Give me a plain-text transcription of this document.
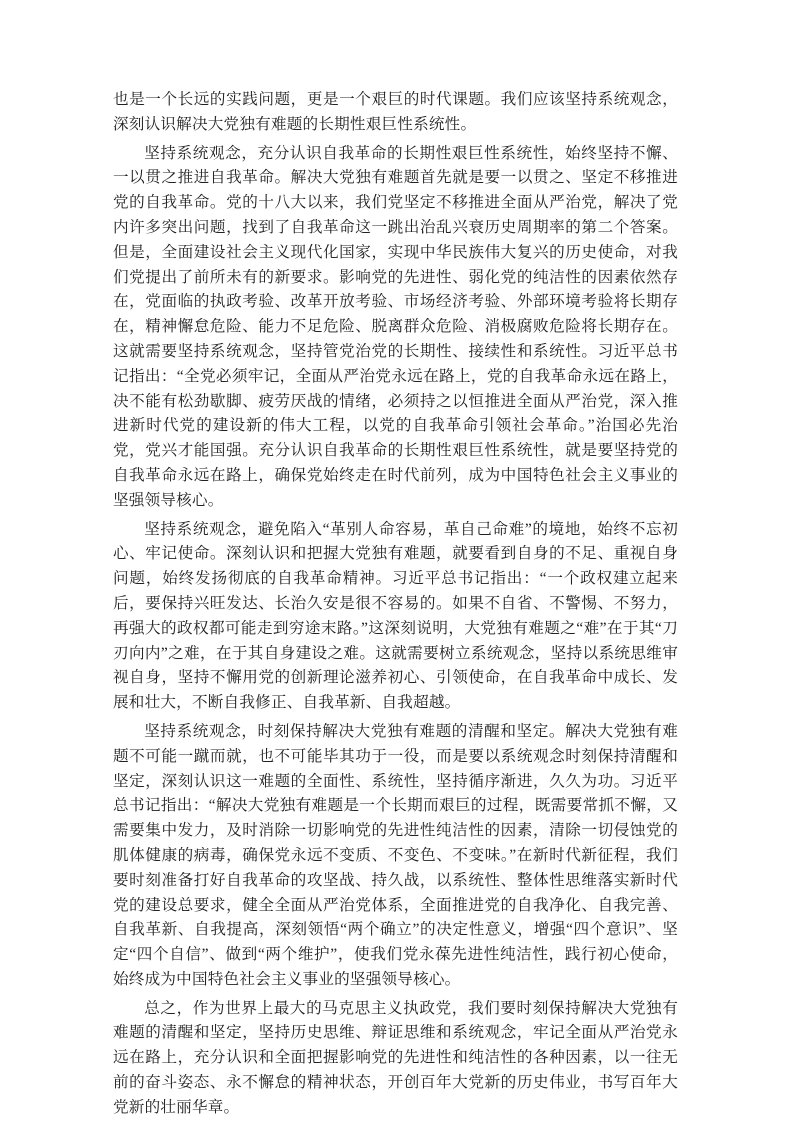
也是一个长远的实践问题，更是一个艰巨的时代课题。我们应该坚持系统观念，深刻认识解决大党独有难题的长期性艰巨性系统性。

坚持系统观念，充分认识自我革命的长期性艰巨性系统性，始终坚持不懈、一以贯之推进自我革命。解决大党独有难题首先就是要一以贯之、坚定不移推进党的自我革命。党的十八大以来，我们党坚定不移推进全面从严治党，解决了党内许多突出问题，找到了自我革命这一跳出治乱兴衰历史周期率的第二个答案。但是，全面建设社会主义现代化国家，实现中华民族伟大复兴的历史使命，对我们党提出了前所未有的新要求。影响党的先进性、弱化党的纯洁性的因素依然存在，党面临的执政考验、改革开放考验、市场经济考验、外部环境考验将长期存在，精神懈怠危险、能力不足危险、脱离群众危险、消极腐败危险将长期存在。这就需要坚持系统观念，坚持管党治党的长期性、接续性和系统性。习近平总书记指出：“全党必须牢记，全面从严治党永远在路上，党的自我革命永远在路上，决不能有松劲歇脚、疲劳厌战的情绪，必须持之以恒推进全面从严治党，深入推进新时代党的建设新的伟大工程，以党的自我革命引领社会革命。”治国必先治党，党兴才能国强。充分认识自我革命的长期性艰巨性系统性，就是要坚持党的自我革命永远在路上，确保党始终走在时代前列，成为中国特色社会主义事业的坚强领导核心。

坚持系统观念，避免陷入“革别人命容易，革自己命难”的境地，始终不忘初心、牢记使命。深刻认识和把握大党独有难题，就要看到自身的不足、重视自身问题，始终发扬彻底的自我革命精神。习近平总书记指出：“一个政权建立起来后，要保持兴旺发达、长治久安是很不容易的。如果不自省、不警惕、不努力，再强大的政权都可能走到穷途末路。”这深刻说明，大党独有难题之“难”在于其“刀刃向内”之难，在于其自身建设之难。这就需要树立系统观念，坚持以系统思维审视自身，坚持不懈用党的创新理论滋养初心、引领使命，在自我革命中成长、发展和壮大，不断自我修正、自我革新、自我超越。

坚持系统观念，时刻保持解决大党独有难题的清醒和坚定。解决大党独有难题不可能一蹴而就，也不可能毕其功于一役，而是要以系统观念时刻保持清醒和坚定，深刻认识这一难题的全面性、系统性，坚持循序渐进，久久为功。习近平总书记指出：“解决大党独有难题是一个长期而艰巨的过程，既需要常抓不懈，又需要集中发力，及时消除一切影响党的先进性纯洁性的因素，清除一切侵蚀党的肌体健康的病毒，确保党永远不变质、不变色、不变味。”在新时代新征程，我们要时刻准备打好自我革命的攻坚战、持久战，以系统性、整体性思维落实新时代党的建设总要求，健全全面从严治党体系，全面推进党的自我净化、自我完善、自我革新、自我提高，深刻领悟“两个确立”的决定性意义，增强“四个意识”、坚定“四个自信”、做到“两个维护”，使我们党永葆先进性纯洁性，践行初心使命，始终成为中国特色社会主义事业的坚强领导核心。

总之，作为世界上最大的马克思主义执政党，我们要时刻保持解决大党独有难题的清醒和坚定，坚持历史思维、辩证思维和系统观念，牢记全面从严治党永远在路上，充分认识和全面把握影响党的先进性和纯洁性的各种因素，以一往无前的奋斗姿态、永不懈怠的精神状态，开创百年大党新的历史伟业，书写百年大党新的壮丽华章。
